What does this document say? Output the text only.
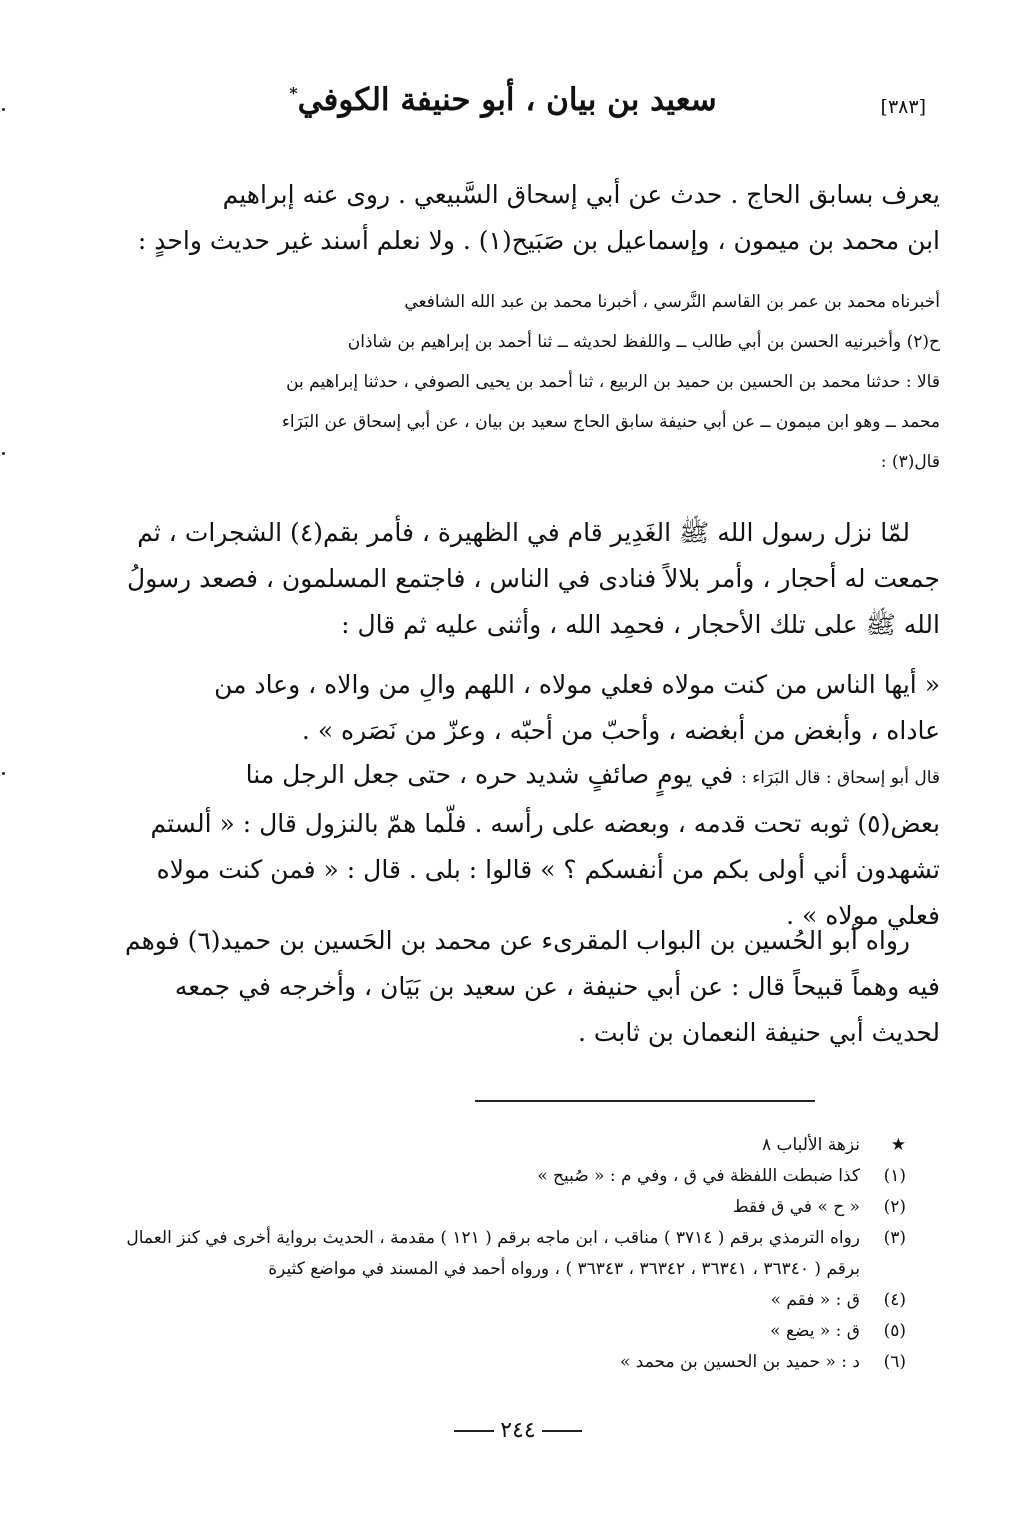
[٣٨٣]
سعيد بن بيان ، أبو حنيفة الكوفي*

يعرف بسابق الحاج . حدث عن أبي إسحاق السَّبيعي . روى عنه إبراهيم

ابن محمد بن ميمون ، وإسماعيل بن صَبَيح(١) . ولا نعلم أسند غير حديث واحدٍ :

أخبرناه محمد بن عمر بن القاسم النَّرسي ، أخبرنا محمد بن عبد الله الشافعي

ح(٢) وأخبرنيه الحسن بن أبي طالب ــ واللفظ لحديثه ــ ثنا أحمد بن إبراهيم بن شاذان

قالا : حدثنا محمد بن الحسين بن حميد بن الربيع ، ثنا أحمد بن يحيى الصوفي ، حدثنا إبراهيم بن

محمد ــ وهو ابن ميمون ــ عن أبي حنيفة سابق الحاج سعيد بن بيان ، عن أبي إسحاق عن البَرَاء

قال(٣) :

لمّا نزل رسول الله ﷺ الغَدِير قام في الظهيرة ، فأمر بقم(٤) الشجرات ، ثم

جمعت له أحجار ، وأمر بلالاً فنادى في الناس ، فاجتمع المسلمون ، فصعد رسولُ

الله ﷺ على تلك الأحجار ، فحمِد الله ، وأثنى عليه ثم قال :

« أيها الناس من كنت مولاه فعلي مولاه ، اللهم والِ من والاه ، وعاد من

عاداه ، وأبغض من أبغضه ، وأحبّ من أحبّه ، وعزّ من نَصَره » .

قال أبو إسحاق : قال البَرَاء : في يومٍ صائفٍ شديد حره ، حتى جعل الرجل منا

بعض(٥) ثوبه تحت قدمه ، وبعضه على رأسه . فلّما همّ بالنزول قال : « ألستم

تشهدون أني أولى بكم من أنفسكم ؟ » قالوا : بلى . قال : « فمن كنت مولاه

فعلي مولاه » .

رواه أبو الحُسين بن البواب المقرىء عن محمد بن الحَسين بن حميد(٦) فوهم

فيه وهماً قبيحاً قال : عن أبي حنيفة ، عن سعيد بن بَيَان ، وأخرجه في جمعه

لحديث أبي حنيفة النعمان بن ثابت .

★
نزهة الألباب ٨
(١)
كذا ضبطت اللفظة في ق ، وفي م : « صُبيح »
(٢)
« ح » في ق فقط
(٣)
رواه الترمذي برقم ( ٣٧١٤ ) مناقب ، ابن ماجه برقم ( ١٢١ ) مقدمة ، الحديث برواية أخرى في كنز العمال
برقم ( ٣٦٣٤٠ ، ٣٦٣٤١ ، ٣٦٣٤٢ ، ٣٦٣٤٣ ) ، ورواه أحمد في المسند في مواضع كثيرة
(٤)
ق : « فقم »
(٥)
ق : « يضع »
(٦)
د : « حميد بن الحسين بن محمد »
٢٤٤
